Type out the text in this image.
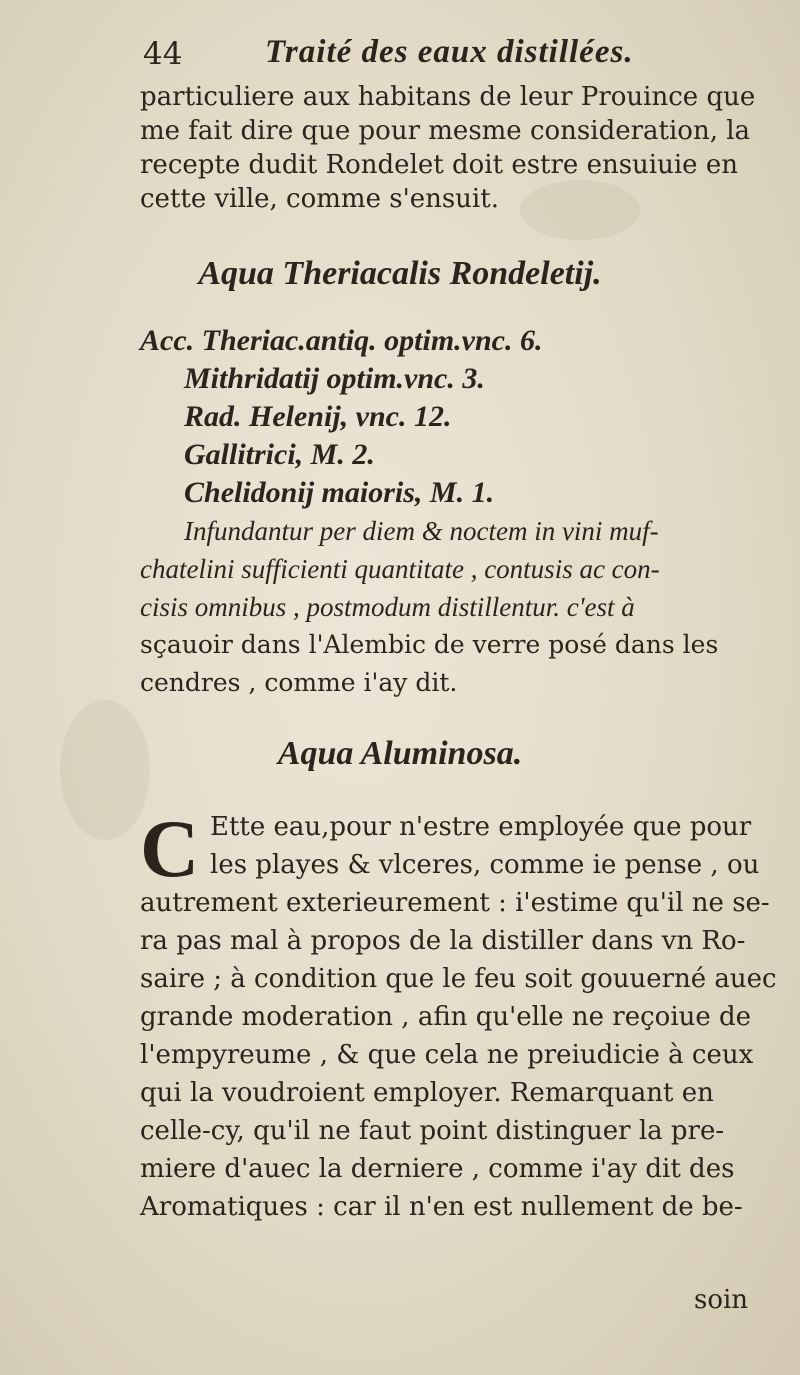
44	Traité des eaux distillées.
particuliere aux habitans de leur Prouince que
me fait dire que pour mesme consideration, la
recepte dudit Rondelet doit estre ensuiuie en
cette ville, comme s'ensuit.
Aqua Theriacalis Rondeletij.
Acc. Theriac.antiq. optim.vnc. 6.
Mithridatij optim.vnc. 3.
Rad. Helenij, vnc. 12.
Gallitrici, M. 2.
Chelidonij maioris, M. 1.
Infundantur per diem & noctem in vini muf-
chatelini sufficienti quantitate , contusis ac con-
cisis omnibus , postmodum distillentur. c'est à
sçauoir dans l'Alembic de verre posé dans les
cendres , comme i'ay dit.
Aqua Aluminosa.
C Ette eau,pour n'estre employée que pour
les playes & vlceres, comme ie pense , ou
autrement exterieurement : i'estime qu'il ne se-
ra pas mal à propos de la distiller dans vn Ro-
saire ; à condition que le feu soit gouuerné auec
grande moderation , afin qu'elle ne reçoiue de
l'empyreume , & que cela ne preiudicie à ceux
qui la voudroient employer. Remarquant en
celle-cy, qu'il ne faut point distinguer la pre-
miere d'auec la derniere , comme i'ay dit des
Aromatiques : car il n'en est nullement de be-
soin
